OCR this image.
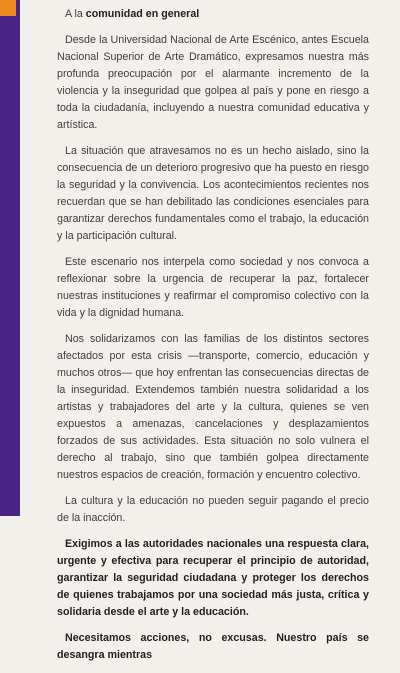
A la comunidad en general

Desde la Universidad Nacional de Arte Escénico, antes Escuela Nacional Superior de Arte Dramático, expresamos nuestra más profunda preocupación por el alarmante incremento de la violencia y la inseguridad que golpea al país y pone en riesgo a toda la ciudadanía, incluyendo a nuestra comunidad educativa y artística.

La situación que atravesamos no es un hecho aislado, sino la consecuencia de un deterioro progresivo que ha puesto en riesgo la seguridad y la convivencia. Los acontecimientos recientes nos recuerdan que se han debilitado las condiciones esenciales para garantizar derechos fundamentales como el trabajo, la educación y la participación cultural.

Este escenario nos interpela como sociedad y nos convoca a reflexionar sobre la urgencia de recuperar la paz, fortalecer nuestras instituciones y reafirmar el compromiso colectivo con la vida y la dignidad humana.

Nos solidarizamos con las familias de los distintos sectores afectados por esta crisis —transporte, comercio, educación y muchos otros— que hoy enfrentan las consecuencias directas de la inseguridad. Extendemos también nuestra solidaridad a los artistas y trabajadores del arte y la cultura, quienes se ven expuestos a amenazas, cancelaciones y desplazamientos forzados de sus actividades. Esta situación no solo vulnera el derecho al trabajo, sino que también golpea directamente nuestros espacios de creación, formación y encuentro colectivo.

La cultura y la educación no pueden seguir pagando el precio de la inacción.

Exigimos a las autoridades nacionales una respuesta clara, urgente y efectiva para recuperar el principio de autoridad, garantizar la seguridad ciudadana y proteger los derechos de quienes trabajamos por una sociedad más justa, crítica y solidaria desde el arte y la educación.

Necesitamos acciones, no excusas. Nuestro país se desangra mientras
